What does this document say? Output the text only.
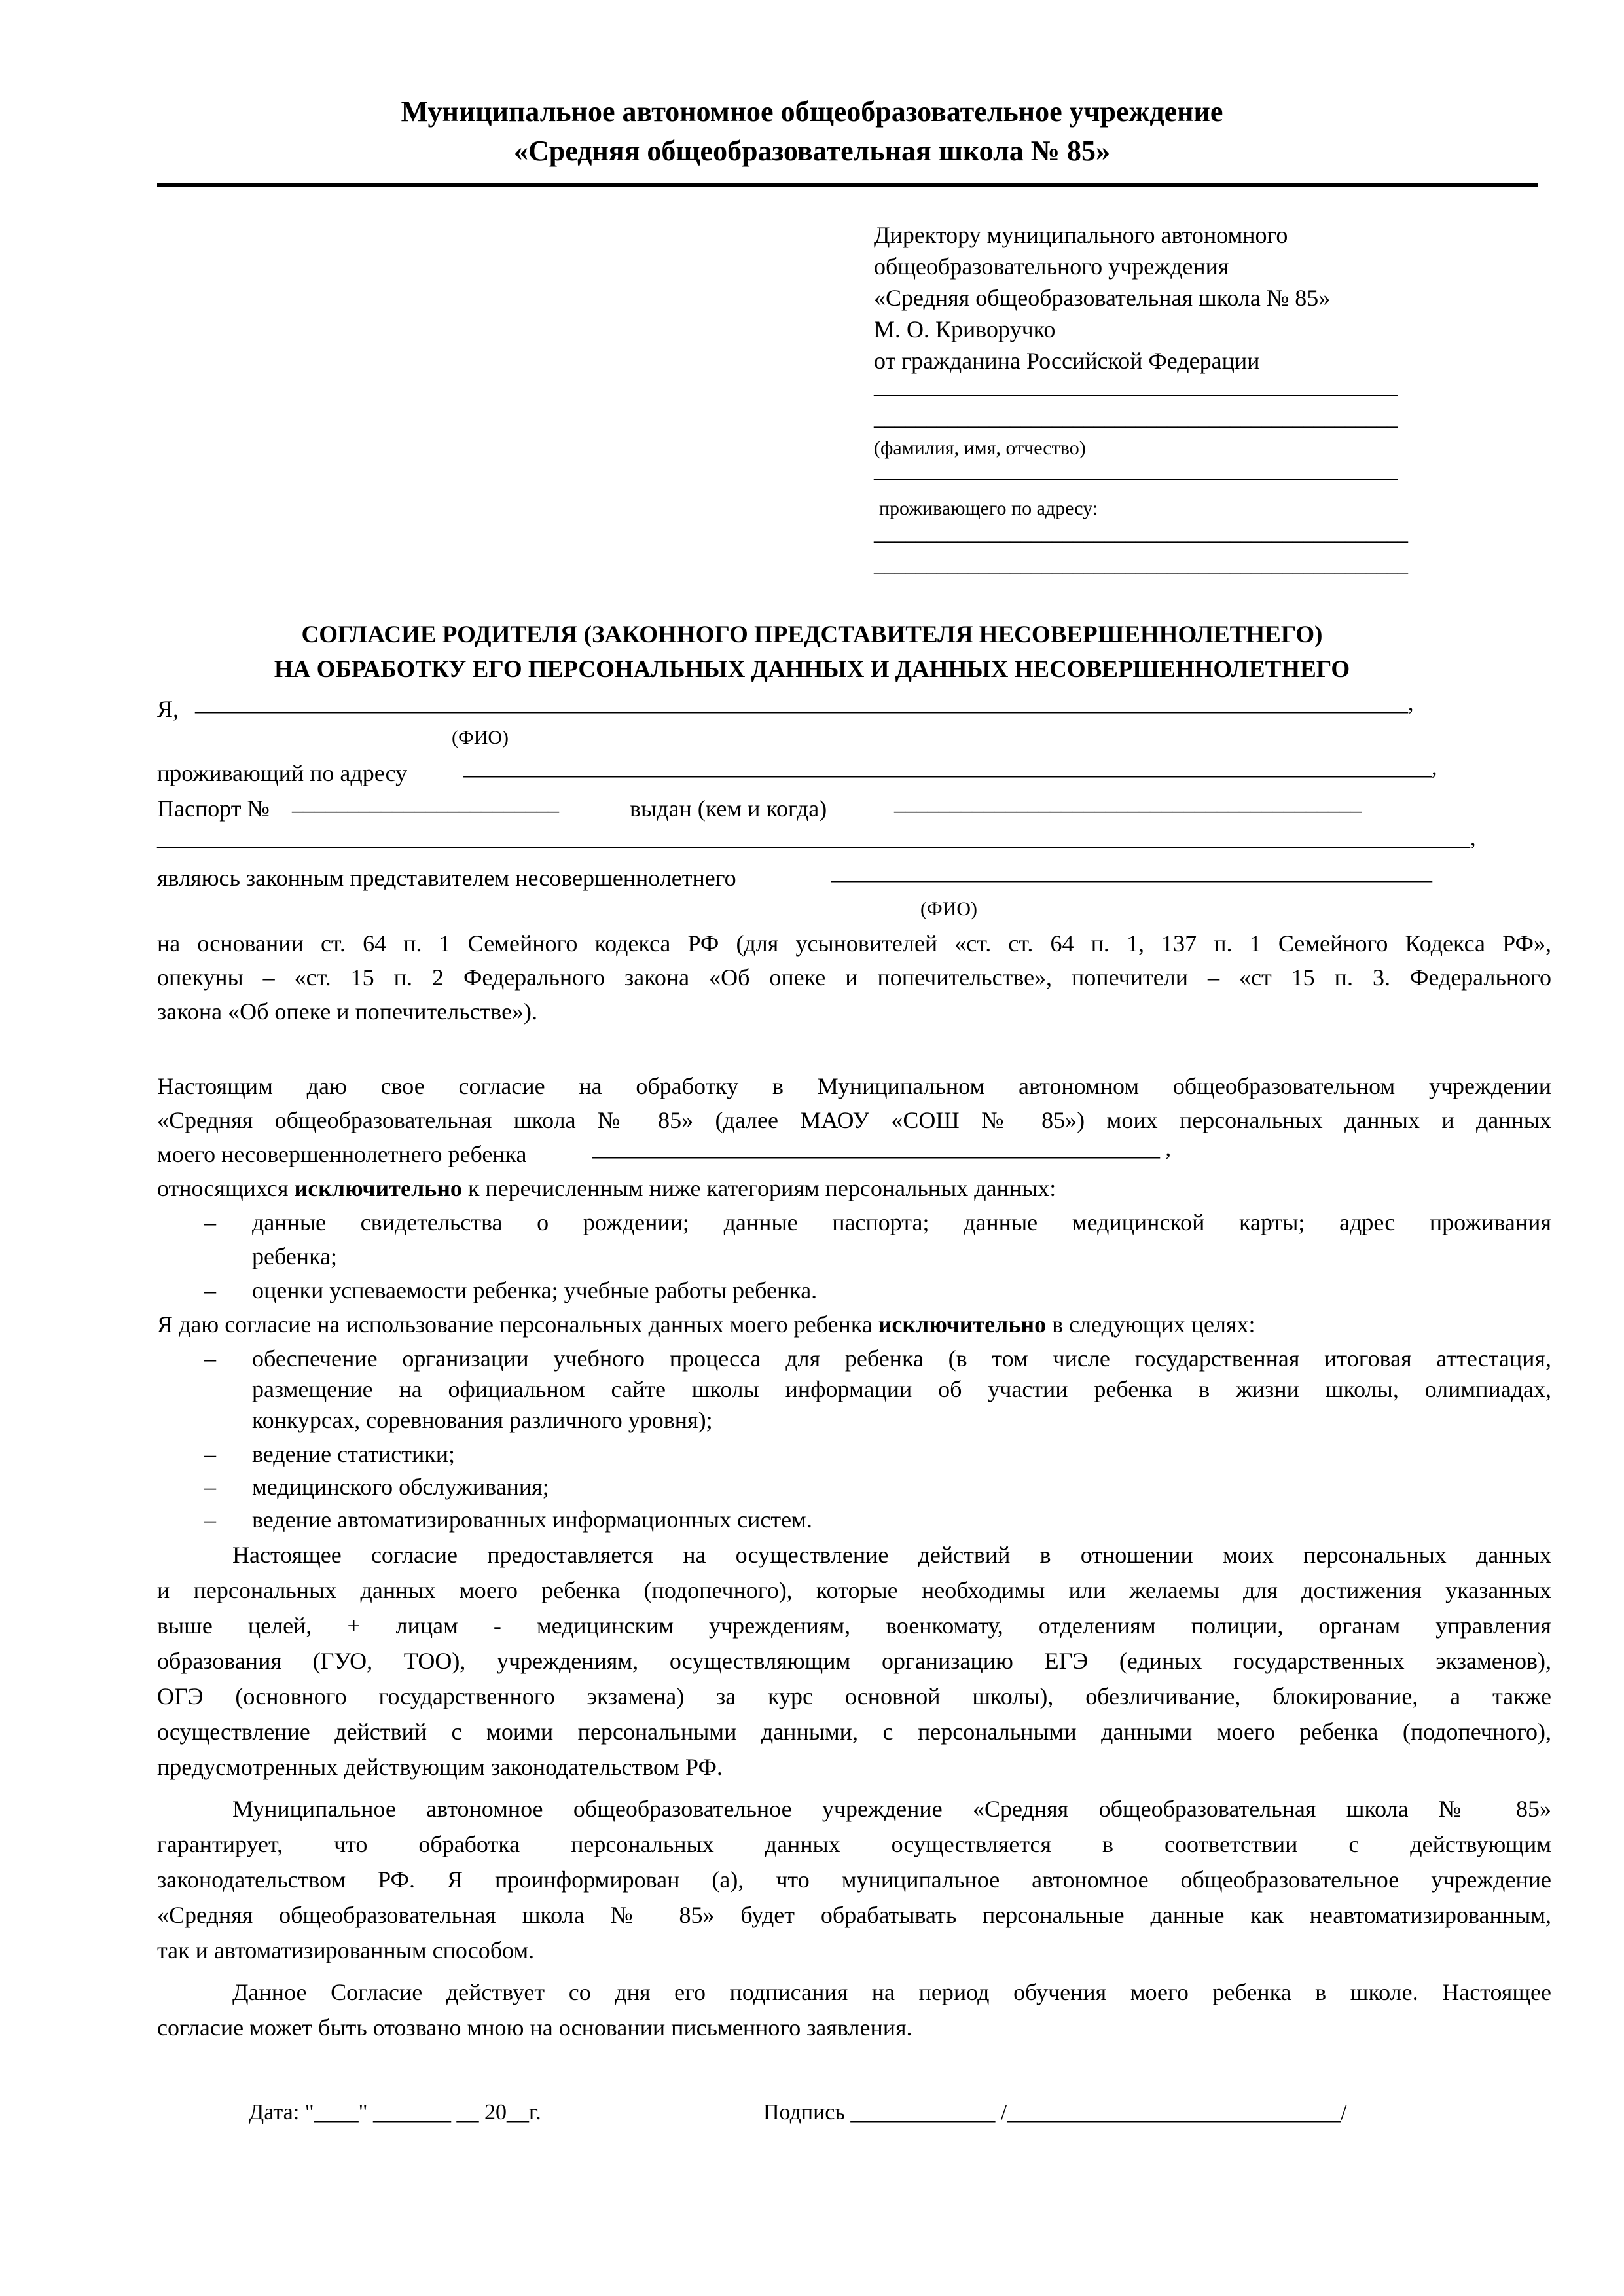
Муниципальное автономное общеобразовательное учреждение
«Средняя общеобразовательная школа № 85»
Директору муниципального автономного
общеобразовательного учреждения
«Средняя общеобразовательная школа № 85»
М. О. Криворучко
от гражданина Российской Федерации
__________________________________________________
__________________________________________________
(фамилия, имя, отчество)
__________________________________________________
проживающего по адресу:
___________________________________________________
___________________________________________________
СОГЛАСИЕ РОДИТЕЛЯ (ЗАКОННОГО ПРЕДСТАВИТЕЛЯ НЕСОВЕРШЕННОЛЕТНЕГО)
НА ОБРАБОТКУ ЕГО ПЕРСОНАЛЬНЫХ ДАННЫХ И ДАННЫХ НЕСОВЕРШЕННОЛЕТНЕГО
Я, _____________________________________________________________________________________________________________,
(ФИО)
проживающий по адресу	_______________________________________________________________________________________,
Паспорт № ________________________	выдан (кем и когда)	__________________________________________
______________________________________________________________________________________________________________________,
являюсь законным представителем несовершеннолетнего	______________________________________________________
(ФИО)
на основании ст. 64 п. 1 Семейного кодекса РФ (для усыновителей «ст. ст. 64 п. 1, 137 п. 1 Семейного Кодекса РФ»,
опекуны – «ст. 15 п. 2 Федерального закона «Об опеке и попечительстве», попечители – «ст 15 п. 3. Федерального
закона «Об опеке и попечительстве»).
Настоящим даю свое согласие на обработку в Муниципальном автономном общеобразовательном учреждении
«Средняя общеобразовательная школа № 85» (далее МАОУ «СОШ № 85») моих персональных данных и данных
моего несовершеннолетнего ребенка	___________________________________________________ ,
относящихся исключительно к перечисленным ниже категориям персональных данных:
– данные свидетельства о рождении; данные паспорта; данные медицинской карты; адрес проживания
ребенка;
– оценки успеваемости ребенка; учебные работы ребенка.
Я даю согласие на использование персональных данных моего ребенка исключительно в следующих целях:
– обеспечение организации учебного процесса для ребенка (в том числе государственная итоговая аттестация,
размещение на официальном сайте школы информации об участии ребенка в жизни школы, олимпиадах,
конкурсах, соревнования различного уровня);
– ведение статистики;
– медицинского обслуживания;
– ведение автоматизированных информационных систем.
Настоящее согласие предоставляется на осуществление действий в отношении моих персональных данных
и персональных данных моего ребенка (подопечного), которые необходимы или желаемы для достижения указанных
выше целей, + лицам - медицинским учреждениям, военкомату, отделениям полиции, органам управления
образования (ГУО, ТОО), учреждениям, осуществляющим организацию ЕГЭ (единых государственных экзаменов),
ОГЭ (основного государственного экзамена) за курс основной школы), обезличивание, блокирование, а также
осуществление действий с моими персональными данными, с персональными данными моего ребенка (подопечного),
предусмотренных действующим законодательством РФ.
Муниципальное автономное общеобразовательное учреждение «Средняя общеобразовательная школа № 85»
гарантирует, что обработка персональных данных осуществляется в соответствии с действующим
законодательством РФ. Я проинформирован (а), что муниципальное автономное общеобразовательное учреждение
«Средняя общеобразовательная школа № 85» будет обрабатывать персональные данные как неавтоматизированным,
так и автоматизированным способом.
Данное Согласие действует со дня его подписания на период обучения моего ребенка в школе. Настоящее
согласие может быть отозвано мною на основании письменного заявления.
Дата: "____" _______ __ 20__г.	Подпись _____________ /______________________________/
